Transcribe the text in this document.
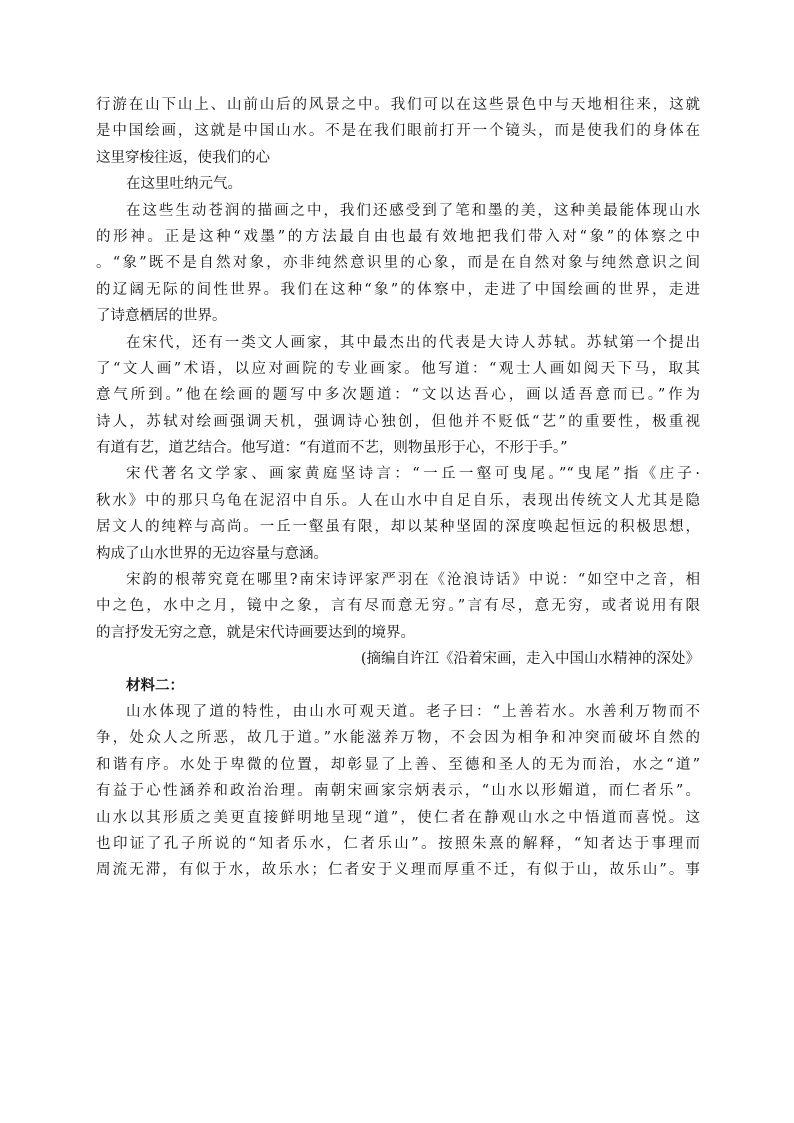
行游在山下山上、山前山后的风景之中。我们可以在这些景色中与天地相往来，这就
是中国绘画，这就是中国山水。不是在我们眼前打开一个镜头，而是使我们的身体在
这里穿梭往返，使我们的心
在这里吐纳元气。
在这些生动苍润的描画之中，我们还感受到了笔和墨的美，这种美最能体现山水
的形神。正是这种“戏墨”的方法最自由也最有效地把我们带入对“象”的体察之中
。“象”既不是自然对象，亦非纯然意识里的心象，而是在自然对象与纯然意识之间
的辽阔无际的间性世界。我们在这种“象”的体察中，走进了中国绘画的世界，走进
了诗意栖居的世界。
在宋代，还有一类文人画家，其中最杰出的代表是大诗人苏轼。苏轼第一个提出
了“文人画”术语，以应对画院的专业画家。他写道：“观士人画如阅天下马，取其
意气所到。”他在绘画的题写中多次题道：“文以达吾心，画以适吾意而已。”作为
诗人，苏轼对绘画强调天机，强调诗心独创，但他并不贬低“艺”的重要性，极重视
有道有艺，道艺结合。他写道：“有道而不艺，则物虽形于心，不形于手。”
宋代著名文学家、画家黄庭坚诗言：“一丘一壑可曳尾。”“曳尾”指《庄子·
秋水》中的那只乌龟在泥沼中自乐。人在山水中自足自乐，表现出传统文人尤其是隐
居文人的纯粹与高尚。一丘一壑虽有限，却以某种坚固的深度唤起恒远的积极思想，
构成了山水世界的无边容量与意涵。
宋韵的根蒂究竟在哪里?南宋诗评家严羽在《沧浪诗话》中说：“如空中之音，相
中之色，水中之月，镜中之象，言有尽而意无穷。”言有尽，意无穷，或者说用有限
的言抒发无穷之意，就是宋代诗画要达到的境界。
(摘编自许江《沿着宋画，走入中国山水精神的深处》
材料二：
山水体现了道的特性，由山水可观天道。老子曰：“上善若水。水善利万物而不
争，处众人之所恶，故几于道。”水能滋养万物，不会因为相争和冲突而破坏自然的
和谐有序。水处于卑微的位置，却彰显了上善、至德和圣人的无为而治，水之“道”
有益于心性涵养和政治治理。南朝宋画家宗炳表示，“山水以形媚道，而仁者乐”。
山水以其形质之美更直接鲜明地呈现“道”，使仁者在静观山水之中悟道而喜悦。这
也印证了孔子所说的“知者乐水，仁者乐山”。按照朱熹的解释，“知者达于事理而
周流无滞，有似于水，故乐水；仁者安于义理而厚重不迁，有似于山，故乐山”。事
